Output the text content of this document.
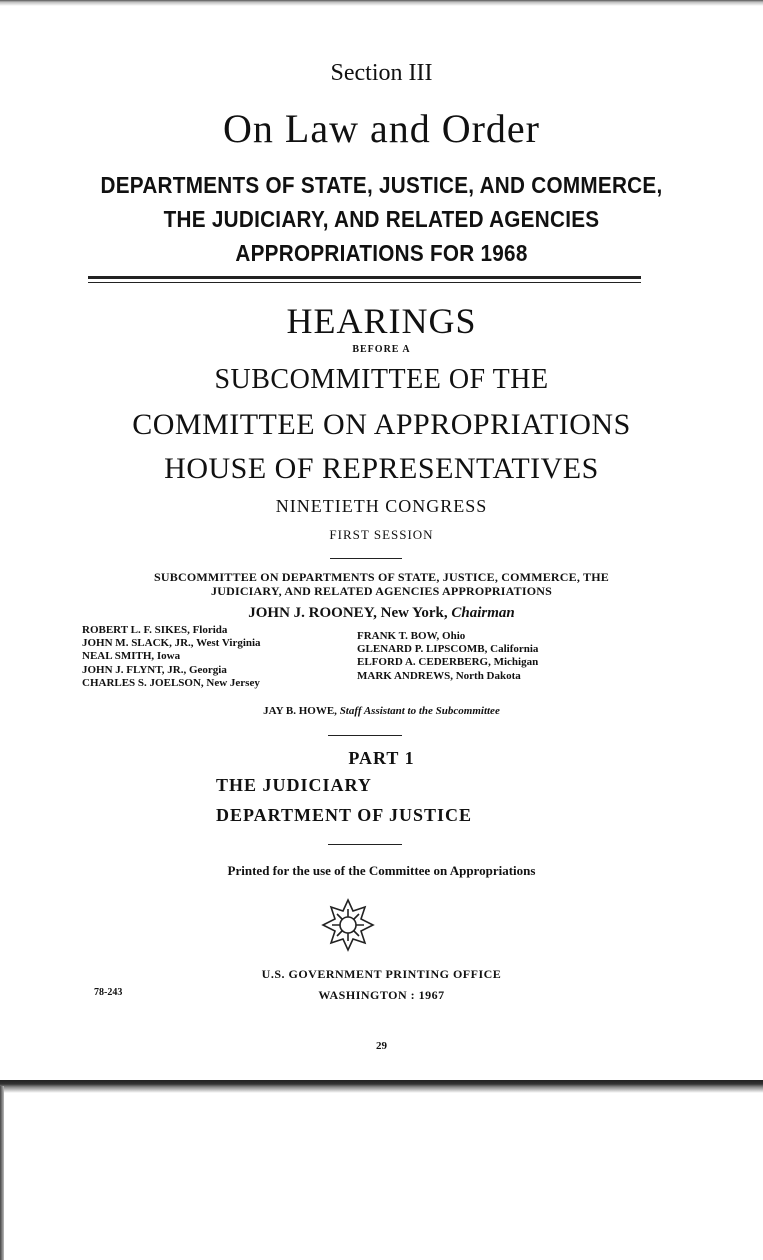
Section III
On Law and Order
DEPARTMENTS OF STATE, JUSTICE, AND COMMERCE,
THE JUDICIARY, AND RELATED AGENCIES
APPROPRIATIONS FOR 1968
HEARINGS
BEFORE A
SUBCOMMITTEE OF THE
COMMITTEE ON APPROPRIATIONS
HOUSE OF REPRESENTATIVES
NINETIETH CONGRESS
FIRST SESSION
SUBCOMMITTEE ON DEPARTMENTS OF STATE, JUSTICE, COMMERCE, THE
JUDICIARY, AND RELATED AGENCIES APPROPRIATIONS
JOHN J. ROONEY, New York, Chairman
ROBERT L. F. SIKES, Florida
JOHN M. SLACK, JR., West Virginia
NEAL SMITH, Iowa
JOHN J. FLYNT, JR., Georgia
CHARLES S. JOELSON, New Jersey
FRANK T. BOW, Ohio
GLENARD P. LIPSCOMB, California
ELFORD A. CEDERBERG, Michigan
MARK ANDREWS, North Dakota
JAY B. HOWE, Staff Assistant to the Subcommittee
PART 1
THE JUDICIARY
DEPARTMENT OF JUSTICE
Printed for the use of the Committee on Appropriations
U.S. GOVERNMENT PRINTING OFFICE
WASHINGTON : 1967
78-243
29
